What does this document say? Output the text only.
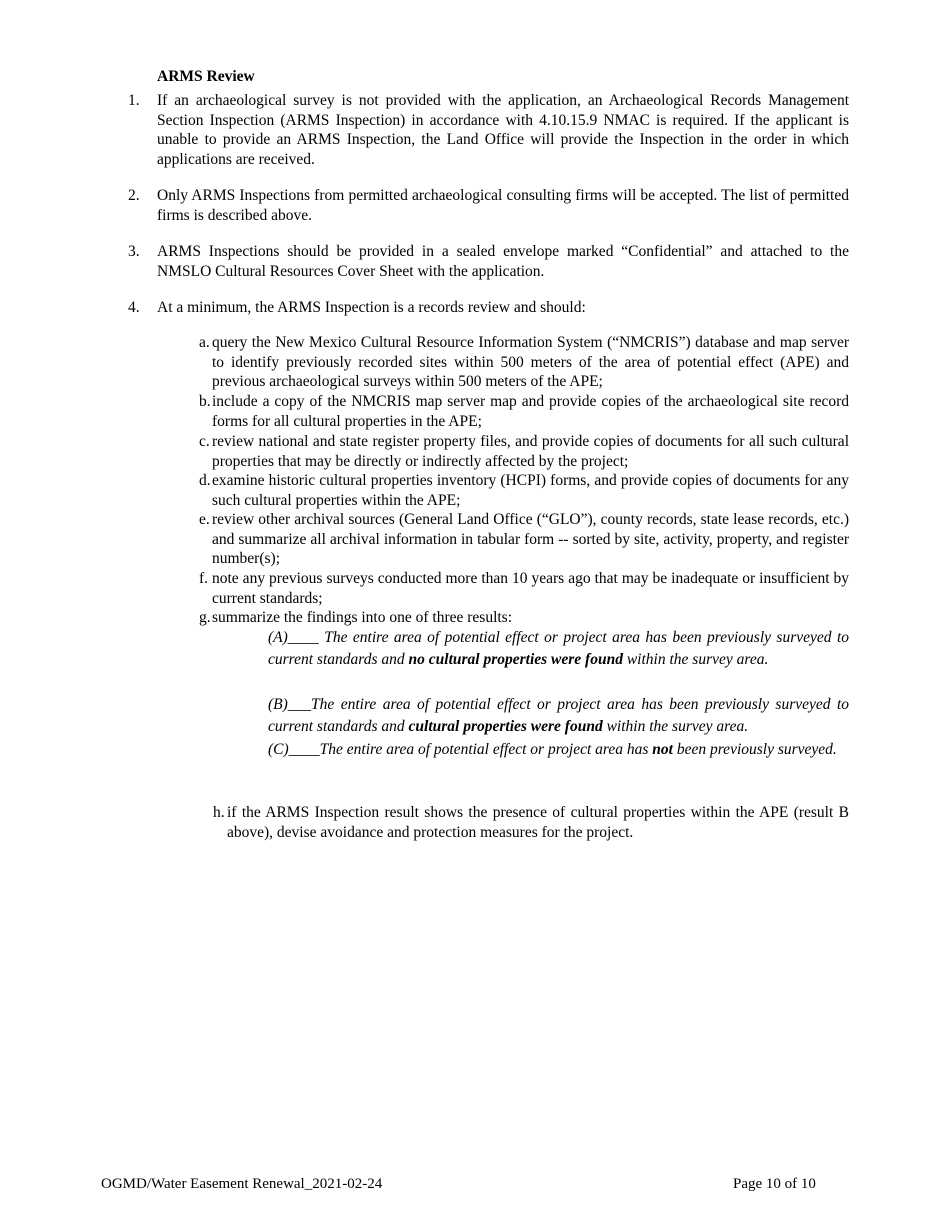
ARMS Review
1. If an archaeological survey is not provided with the application, an Archaeological Records Management Section Inspection (ARMS Inspection) in accordance with 4.10.15.9 NMAC is required. If the applicant is unable to provide an ARMS Inspection, the Land Office will provide the Inspection in the order in which applications are received.
2. Only ARMS Inspections from permitted archaeological consulting firms will be accepted. The list of permitted firms is described above.
3. ARMS Inspections should be provided in a sealed envelope marked “Confidential” and attached to the NMSLO Cultural Resources Cover Sheet with the application.
4. At a minimum, the ARMS Inspection is a records review and should:
a. query the New Mexico Cultural Resource Information System (“NMCRIS”) database and map server to identify previously recorded sites within 500 meters of the area of potential effect (APE) and previous archaeological surveys within 500 meters of the APE;
b. include a copy of the NMCRIS map server map and provide copies of the archaeological site record forms for all cultural properties in the APE;
c. review national and state register property files, and provide copies of documents for all such cultural properties that may be directly or indirectly affected by the project;
d. examine historic cultural properties inventory (HCPI) forms, and provide copies of documents for any such cultural properties within the APE;
e. review other archival sources (General Land Office (“GLO”), county records, state lease records, etc.) and summarize all archival information in tabular form -- sorted by site, activity, property, and register number(s);
f. note any previous surveys conducted more than 10 years ago that may be inadequate or insufficient by current standards;
g. summarize the findings into one of three results:
(A)____ The entire area of potential effect or project area has been previously surveyed to current standards and no cultural properties were found within the survey area.
(B)___The entire area of potential effect or project area has been previously surveyed to current standards and cultural properties were found within the survey area.
(C)____The entire area of potential effect or project area has not been previously surveyed.
h. if the ARMS Inspection result shows the presence of cultural properties within the APE (result B above), devise avoidance and protection measures for the project.
OGMD/Water Easement Renewal_2021-02-24	Page 10 of 10
